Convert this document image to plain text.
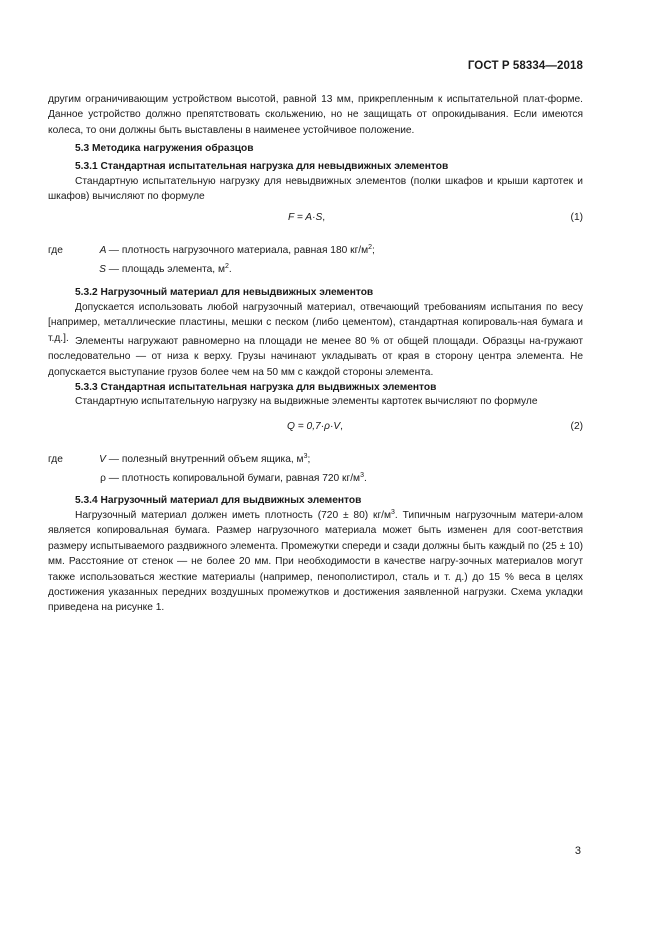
ГОСТ Р 58334—2018
другим ограничивающим устройством высотой, равной 13 мм, прикрепленным к испытательной плат-форме. Данное устройство должно препятствовать скольжению, но не защищать от опрокидывания. Если имеются колеса, то они должны быть выставлены в наименее устойчивое положение.
5.3 Методика нагружения образцов
5.3.1 Стандартная испытательная нагрузка для невыдвижных элементов
Стандартную испытательную нагрузку для невыдвижных элементов (полки шкафов и крыши картотек и шкафов) вычисляют по формуле
F = A·S,	(1)
где	A — плотность нагрузочного материала, равная 180 $кг/м^2$;
S — площадь элемента, $м^2$.
5.3.2 Нагрузочный материал для невыдвижных элементов
Допускается использовать любой нагрузочный материал, отвечающий требованиям испытания по весу [например, металлические пластины, мешки с песком (либо цементом), стандартная копироваль-ная бумага и т.д.]. Элементы нагружают равномерно на площади не менее 80 % от общей площади. Образцы на-гружают последовательно — от низа к верху. Грузы начинают укладывать от края в сторону центра элемента. Не допускается выступание грузов более чем на 50 мм с каждой стороны элемента.
5.3.3 Стандартная испытательная нагрузка для выдвижных элементов
Стандартную испытательную нагрузку на выдвижные элементы картотек вычисляют по формуле
Q = 0,7·ρ·V,	(2)
где	V — полезный внутренний объем ящика, $м^3$;
ρ — плотность копировальной бумаги, равная 720 $кг/м^3$.
5.3.4 Нагрузочный материал для выдвижных элементов
Нагрузочный материал должен иметь плотность (720 ± 80) $кг/м^3$. Типичным нагрузочным матери-алом является копировальная бумага. Размер нагрузочного материала может быть изменен для соот-ветствия размеру испытываемого раздвижного элемента. Промежутки спереди и сзади должны быть каждый по (25 ± 10) мм. Расстояние от стенок — не более 20 мм. При необходимости в качестве нагру-зочных материалов могут также использоваться жесткие материалы (например, пенополистирол, сталь и т. д.) до 15 % веса в целях достижения указанных передних воздушных промежутков и достижения заявленной нагрузки. Схема укладки приведена на рисунке 1.
3
